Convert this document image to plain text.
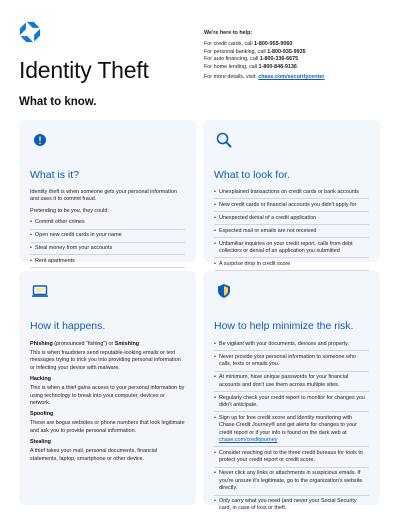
We're here to help:
For credit cards, call 1-800-955-9060
For personal banking, call 1-800-935-9935
For auto financing, call 1-800-336-6675
For home lending, call 1-800-848-9136
For more details, visit: chase.com/securitycenter
Identity Theft
What to know.
What is it?
Identity theft is when someone gets your personal information and uses it to commit fraud.
Pretending to be you, they could:
• Commit other crimes
• Open new credit cards in your name
• Steal money from your accounts
• Rent apartments
•
What to look for.
• Unexplained transactions on credit cards or bank accounts
• New credit cards or financial accounts you didn't apply for
• Unexpected denial of a credit application
• Expected mail or emails are not received
• Unfamiliar inquiries on your credit report, calls from debt collectors or denial of an application you submitted
• A surprise drop in credit score
•
How it happens.
Phishing (pronounced “fishing”) or Smishing
This is when fraudsters send reputable-looking emails or text messages trying to trick you into providing personal information or infecting your device with malware.
Hacking
This is when a thief gains access to your personal information by using technology to break into your computer, devices or network.
Spoofing
These are bogus websites or phone numbers that look legitimate and ask you to provide personal information.
Stealing
A thief takes your mail, personal documents, financial statements, laptop, smartphone or other device.
How to help minimize the risk.
• Be vigilant with your documents, devices and property.
• Never provide your personal information to someone who calls, texts or emails you.
• At minimum, have unique passwords for your financial accounts and don't use them across multiple sites.
• Regularly check your credit report to monitor for changes you didn't anticipate.
• Sign up for free credit score and identity monitoring with Chase Credit Journey® and get alerts for changes to your credit report or if your info is found on the dark web at chase.com/creditjourney
• Consider reaching out to the three credit bureaus for tools to protect your credit report or credit score.
• Never click any links or attachments in suspicious emails. If you're unsure it's legitimate, go to the organization's website directly.
• Only carry what you need (and never your Social Security card, in case of loss or theft.
